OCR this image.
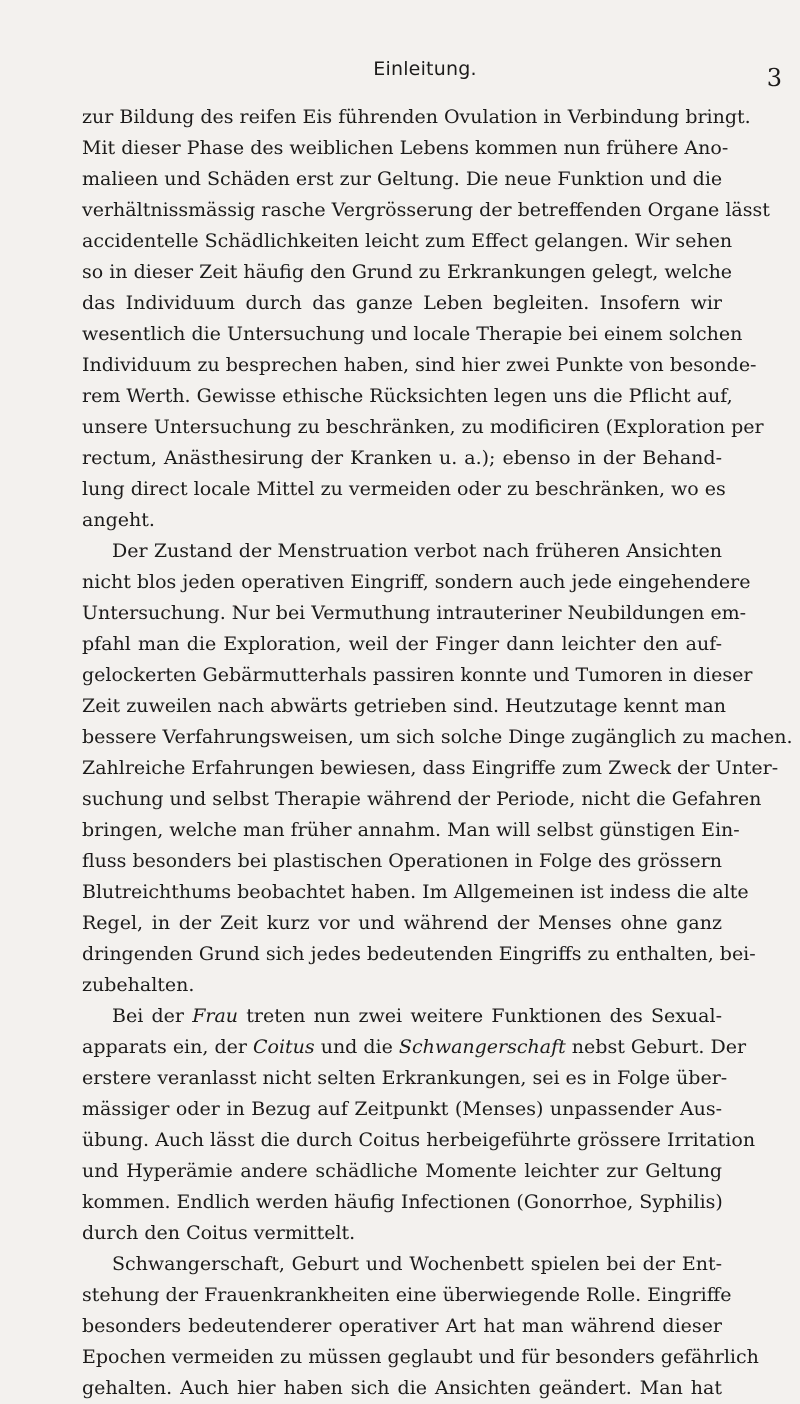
Einleitung.	3
zur Bildung des reifen Eis führenden Ovulation in Verbindung bringt.
Mit dieser Phase des weiblichen Lebens kommen nun frühere Ano-
malieen und Schäden erst zur Geltung. Die neue Funktion und die
verhältnissmässig rasche Vergrösserung der betreffenden Organe lässt
accidentelle Schädlichkeiten leicht zum Effect gelangen. Wir sehen
so in dieser Zeit häufig den Grund zu Erkrankungen gelegt, welche
das Individuum durch das ganze Leben begleiten. Insofern wir
wesentlich die Untersuchung und locale Therapie bei einem solchen
Individuum zu besprechen haben, sind hier zwei Punkte von besonde-
rem Werth. Gewisse ethische Rücksichten legen uns die Pflicht auf,
unsere Untersuchung zu beschränken, zu modificiren (Exploration per
rectum, Anästhesirung der Kranken u. a.); ebenso in der Behand-
lung direct locale Mittel zu vermeiden oder zu beschränken, wo es
angeht.
Der Zustand der Menstruation verbot nach früheren Ansichten
nicht blos jeden operativen Eingriff, sondern auch jede eingehendere
Untersuchung. Nur bei Vermuthung intrauteriner Neubildungen em-
pfahl man die Exploration, weil der Finger dann leichter den auf-
gelockerten Gebärmutterhals passiren konnte und Tumoren in dieser
Zeit zuweilen nach abwärts getrieben sind. Heutzutage kennt man
bessere Verfahrungsweisen, um sich solche Dinge zugänglich zu machen.
Zahlreiche Erfahrungen bewiesen, dass Eingriffe zum Zweck der Unter-
suchung und selbst Therapie während der Periode, nicht die Gefahren
bringen, welche man früher annahm. Man will selbst günstigen Ein-
fluss besonders bei plastischen Operationen in Folge des grössern
Blutreichthums beobachtet haben. Im Allgemeinen ist indess die alte
Regel, in der Zeit kurz vor und während der Menses ohne ganz
dringenden Grund sich jedes bedeutenden Eingriffs zu enthalten, bei-
zubehalten.
Bei der Frau treten nun zwei weitere Funktionen des Sexual-
apparats ein, der Coitus und die Schwangerschaft nebst Geburt. Der
erstere veranlasst nicht selten Erkrankungen, sei es in Folge über-
mässiger oder in Bezug auf Zeitpunkt (Menses) unpassender Aus-
übung. Auch lässt die durch Coitus herbeigeführte grössere Irritation
und Hyperämie andere schädliche Momente leichter zur Geltung
kommen. Endlich werden häufig Infectionen (Gonorrhoe, Syphilis)
durch den Coitus vermittelt.
Schwangerschaft, Geburt und Wochenbett spielen bei der Ent-
stehung der Frauenkrankheiten eine überwiegende Rolle. Eingriffe
besonders bedeutenderer operativer Art hat man während dieser
Epochen vermeiden zu müssen geglaubt und für besonders gefährlich
gehalten. Auch hier haben sich die Ansichten geändert. Man hat
